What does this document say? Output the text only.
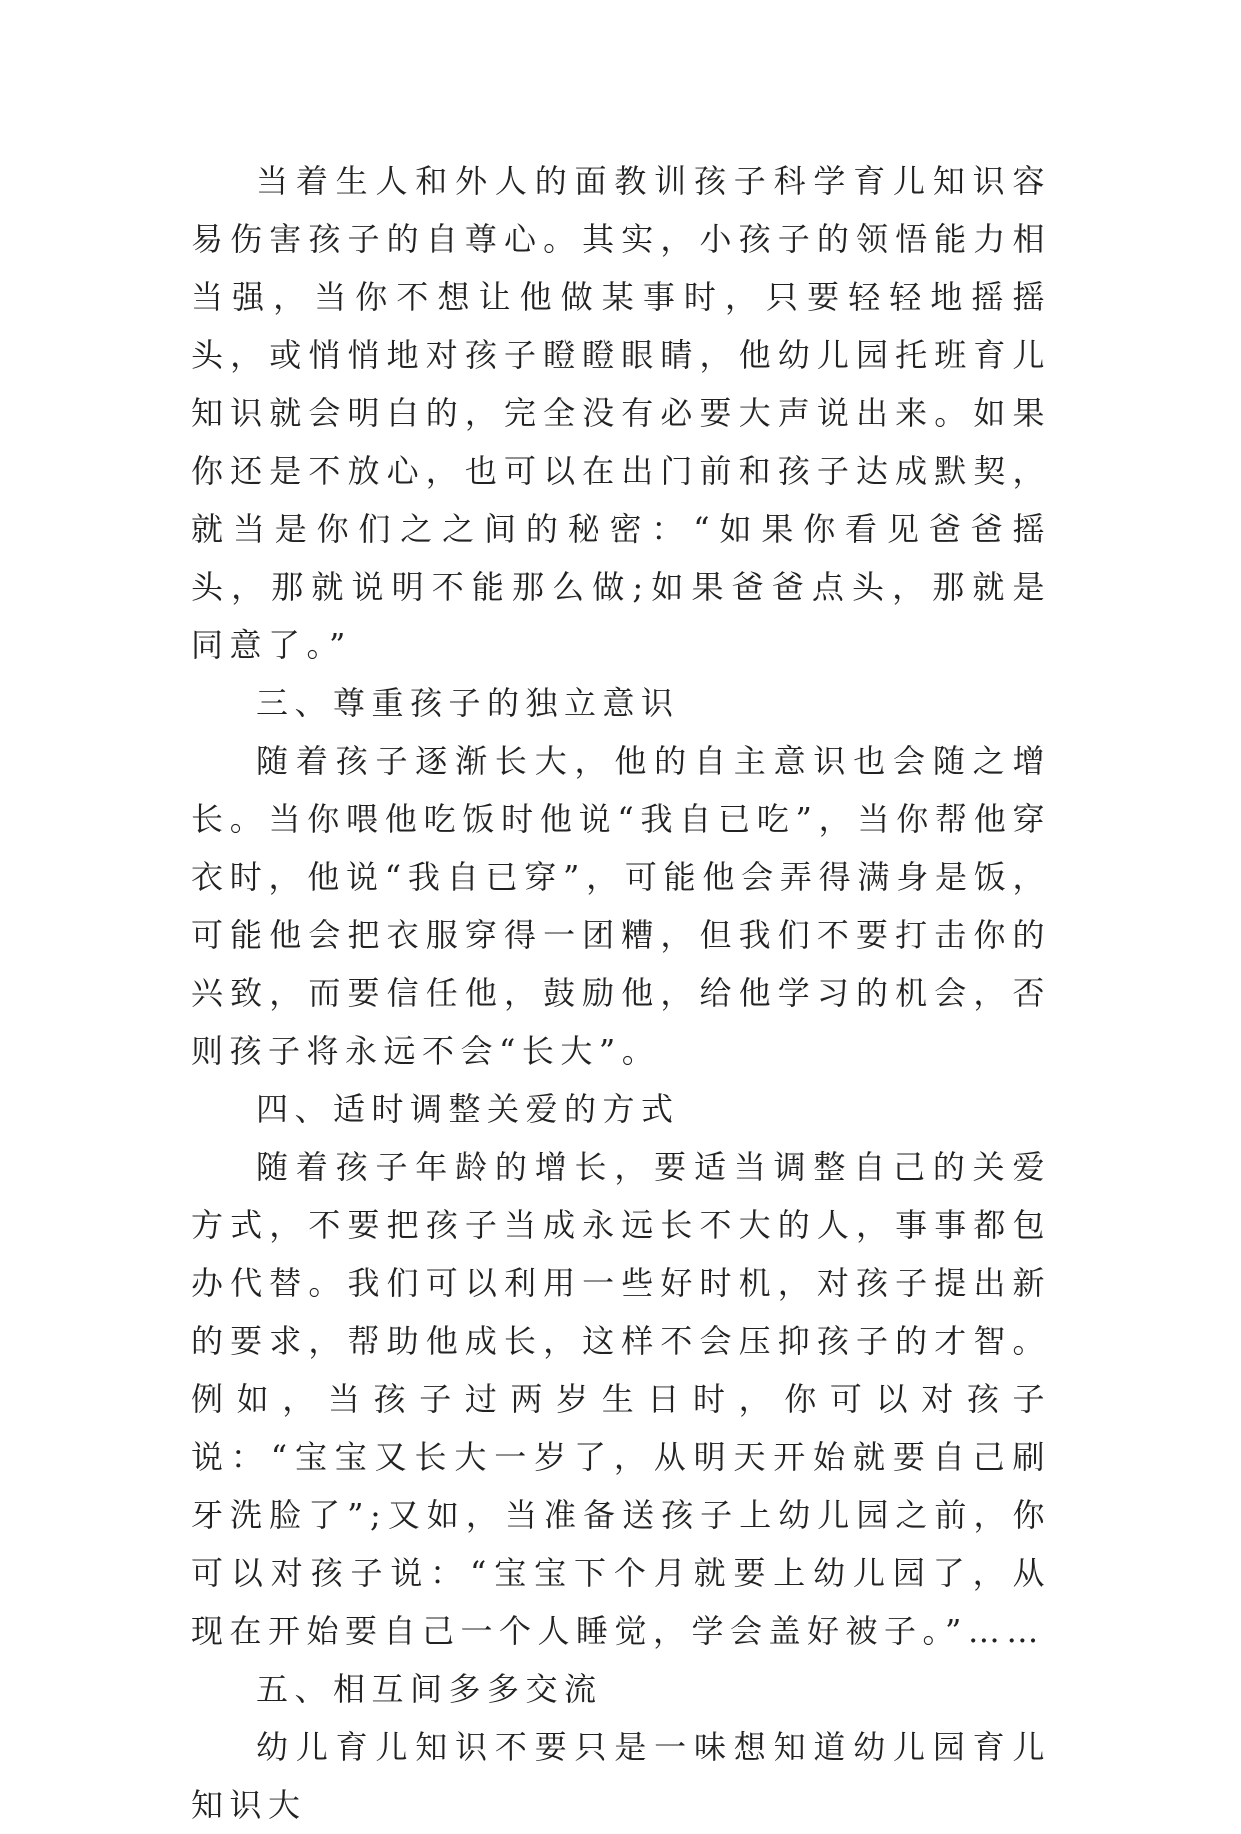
当着生人和外人的面教训孩子科学育儿知识容易伤害孩子的自尊心。其实，小孩子的领悟能力相当强，当你不想让他做某事时，只要轻轻地摇摇头，或悄悄地对孩子瞪瞪眼睛，他幼儿园托班育儿知识就会明白的，完全没有必要大声说出来。如果你还是不放心，也可以在出门前和孩子达成默契，就当是你们之之间的秘密：“如果你看见爸爸摇头，那就说明不能那么做;如果爸爸点头，那就是同意了。”

三、尊重孩子的独立意识

随着孩子逐渐长大，他的自主意识也会随之增长。当你喂他吃饭时他说“我自已吃”，当你帮他穿衣时，他说“我自已穿”，可能他会弄得满身是饭，可能他会把衣服穿得一团糟，但我们不要打击你的兴致，而要信任他，鼓励他，给他学习的机会，否则孩子将永远不会“长大”。

四、适时调整关爱的方式

随着孩子年龄的增长，要适当调整自己的关爱方式，不要把孩子当成永远长不大的人，事事都包办代替。我们可以利用一些好时机，对孩子提出新的要求，帮助他成长，这样不会压抑孩子的才智。例如，当孩子过两岁生日时，你可以对孩子说：“宝宝又长大一岁了，从明天开始就要自己刷牙洗脸了”;又如，当准备送孩子上幼儿园之前，你可以对孩子说：“宝宝下个月就要上幼儿园了，从现在开始要自己一个人睡觉，学会盖好被子。”……

五、相互间多多交流

幼儿育儿知识不要只是一味想知道幼儿园育儿知识大
